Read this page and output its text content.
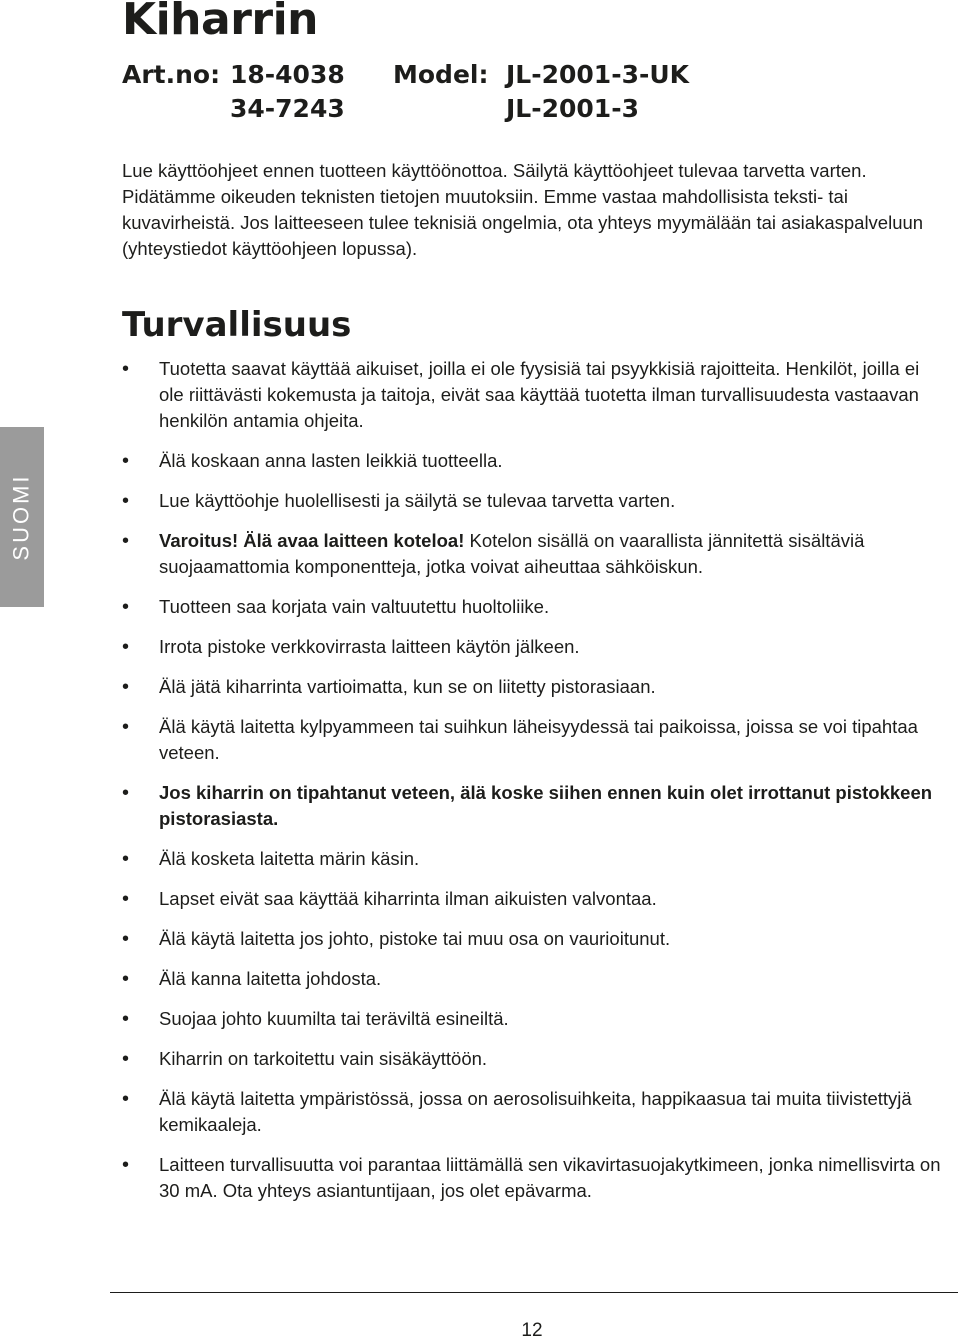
Kiharrin
Art.no: 18-4038
34-7243
Model: JL-2001-3-UK
JL-2001-3

Lue käyttöohjeet ennen tuotteen käyttöönottoa. Säilytä käyttöohjeet tulevaa tarvetta varten. Pidätämme oikeuden teknisten tietojen muutoksiin. Emme vastaa mahdollisista teksti- tai kuvavirheistä. Jos laitteeseen tulee teknisiä ongelmia, ota yhteys myymälään tai asiakaspalveluun (yhteystiedot käyttöohjeen lopussa).

Turvallisuus
SUOMI
• Tuotetta saavat käyttää aikuiset, joilla ei ole fyysisiä tai psyykkisiä rajoitteita. Henkilöt, joilla ei ole riittävästi kokemusta ja taitoja, eivät saa käyttää tuotetta ilman turvallisuudesta vastaavan henkilön antamia ohjeita.
• Älä koskaan anna lasten leikkiä tuotteella.
• Lue käyttöohje huolellisesti ja säilytä se tulevaa tarvetta varten.
• Varoitus! Älä avaa laitteen koteloa! Kotelon sisällä on vaarallista jännitettä sisältäviä suojaamattomia komponentteja, jotka voivat aiheuttaa sähköiskun.
• Tuotteen saa korjata vain valtuutettu huoltoliike.
• Irrota pistoke verkkovirrasta laitteen käytön jälkeen.
• Älä jätä kiharrinta vartioimatta, kun se on liitetty pistorasiaan.
• Älä käytä laitetta kylpyammeen tai suihkun läheisyydessä tai paikoissa, joissa se voi tipahtaa veteen.
• Jos kiharrin on tipahtanut veteen, älä koske siihen ennen kuin olet irrottanut pistokkeen pistorasiasta.
• Älä kosketa laitetta märin käsin.
• Lapset eivät saa käyttää kiharrinta ilman aikuisten valvontaa.
• Älä käytä laitetta jos johto, pistoke tai muu osa on vaurioitunut.
• Älä kanna laitetta johdosta.
• Suojaa johto kuumilta tai teräviltä esineiltä.
• Kiharrin on tarkoitettu vain sisäkäyttöön.
• Älä käytä laitetta ympäristössä, jossa on aerosolisuihkeita, happikaasua tai muita tiivistettyjä kemikaaleja.
• Laitteen turvallisuutta voi parantaa liittämällä sen vikavirtasuojakytkimeen, jonka nimellisvirta on 30 mA. Ota yhteys asiantuntijaan, jos olet epävarma.
12
